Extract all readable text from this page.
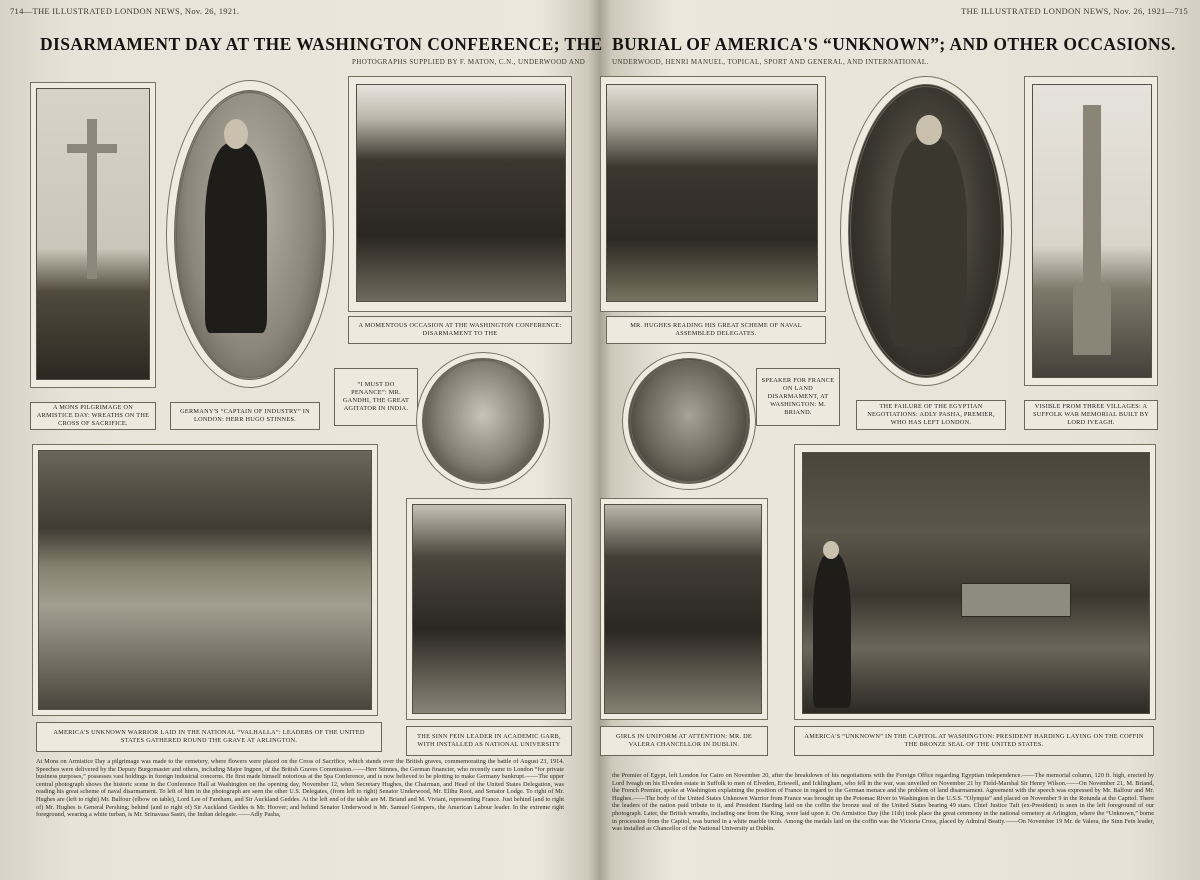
714—THE ILLUSTRATED LONDON NEWS, Nov. 26, 1921.	THE ILLUSTRATED LONDON NEWS, Nov. 26, 1921—715
DISARMAMENT DAY AT THE WASHINGTON CONFERENCE; THE BURIAL OF AMERICA'S “UNKNOWN”; AND OTHER OCCASIONS.
PHOTOGRAPHS SUPPLIED BY F. MATON, C.N., UNDERWOOD AND	UNDERWOOD, HENRI MANUEL, TOPICAL, SPORT AND GENERAL, AND INTERNATIONAL.
A MOMENTOUS OCCASION AT THE WASHINGTON CONFERENCE: DISARMAMENT TO THE
MR. HUGHES READING HIS GREAT SCHEME OF NAVAL ASSEMBLED DELEGATES.
A MONS PILGRIMAGE ON ARMISTICE DAY: WREATHS ON THE CROSS OF SACRIFICE.
GERMANY'S “CAPTAIN OF INDUSTRY” IN LONDON: HERR HUGO STINNES.
THE FAILURE OF THE EGYPTIAN NEGOTIATIONS: ADLY PASHA, PREMIER, WHO HAS LEFT LONDON.
VISIBLE FROM THREE VILLAGES: A SUFFOLK WAR MEMORIAL BUILT BY LORD IVEAGH.
“I MUST DO PENANCE”: MR. GANDHI, THE GREAT AGITATOR IN INDIA.
SPEAKER FOR FRANCE ON LAND DISARMAMENT, AT WASHINGTON: M. BRIAND.
AMERICA'S UNKNOWN WARRIOR LAID IN THE NATIONAL “VALHALLA”: LEADERS OF THE UNITED STATES GATHERED ROUND THE GRAVE AT ARLINGTON.
THE SINN FEIN LEADER IN ACADEMIC GARB, WITH INSTALLED AS NATIONAL UNIVERSITY
GIRLS IN UNIFORM AT ATTENTION: MR. DE VALERA CHANCELLOR IN DUBLIN.
AMERICA'S “UNKNOWN” IN THE CAPITOL AT WASHINGTON: PRESIDENT HARDING LAYING ON THE COFFIN THE BRONZE SEAL OF THE UNITED STATES.
At Mons on Armistice Day a pilgrimage was made to the cemetery, where flowers were placed on the Cross of Sacrifice, which stands over the British graves, commemorating the battle of August 23, 1914. Speeches were delivered by the Deputy Burgomaster and others, including Major Ingpen, of the British Graves Commission.——Herr Stinnes, the German financier, who recently came to London “for private business purposes,” possesses vast holdings in foreign industrial concerns. He first made himself notorious at the Spa Conference, and is now believed to be plotting to make Germany bankrupt.——The upper central photograph shows the historic scene in the Conference Hall at Washington on the opening day, November 12, when Secretary Hughes, the Chairman, and Head of the United States Delegation, was reading his great scheme of naval disarmament. To left of him in the photograph are seen the other U.S. Delegates, (from left to right) Senator Underwood, Mr. Elihu Root, and Senator Lodge. To right of Mr. Hughes are (left to right) Mr. Balfour (elbow on table), Lord Lee of Fareham, and Sir Auckland Geddes. At the left end of the table are M. Briand and M. Viviani, representing France. Just behind (and to right of) Mr. Hughes is General Pershing; behind (and to right of) Sir Auckland Geddes is Mr. Hoover; and behind Senator Underwood is Mr. Samuel Gompers, the American Labour leader. In the extreme right foreground, wearing a white turban, is Mr. Srinavasa Sastri, the Indian delegate.——Adly Pasha,
the Premier of Egypt, left London for Cairo on November 20, after the breakdown of his negotiations with the Foreign Office regarding Egyptian independence.——The memorial column, 120 ft. high, erected by Lord Iveagh on his Elveden estate in Suffolk to men of Elveden, Eriswell, and Icklingham, who fell in the war, was unveiled on November 21 by Field-Marshal Sir Henry Wilson.——On November 21, M. Briand, the French Premier, spoke at Washington explaining the position of France in regard to the German menace and the problem of land disarmament. Agreement with the speech was expressed by Mr. Balfour and Mr. Hughes.——The body of the United States Unknown Warrior from France was brought up the Potomac River to Washington in the U.S.S. “Olympia” and placed on November 9 in the Rotunda at the Capitol. There the leaders of the nation paid tribute to it, and President Harding laid on the coffin the bronze seal of the United States bearing 49 stars. Chief Justice Taft (ex-President) is seen in the left foreground of our photograph. Later, the British wreaths, including one from the King, were laid upon it. On Armistice Day (the 11th) took place the great ceremony in the national cemetery at Arlington, where the “Unknown,” borne in procession from the Capitol, was buried in a white marble tomb. Among the medals laid on the coffin was the Victoria Cross, placed by Admiral Beatty.——On November 19 Mr. de Valera, the Sinn Fein leader, was installed as Chancellor of the National University at Dublin.
